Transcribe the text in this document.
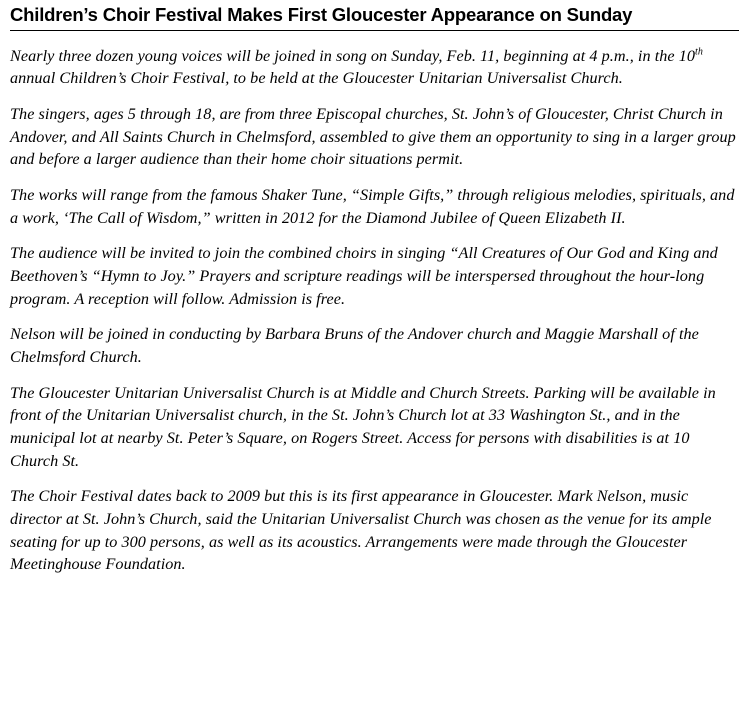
Children’s Choir Festival Makes First Gloucester Appearance on Sunday

Nearly three dozen young voices will be joined in song on Sunday, Feb. 11, beginning at 4 p.m., in the 10th annual Children’s Choir Festival, to be held at the Gloucester Unitarian Universalist Church.

The singers, ages 5 through 18, are from three Episcopal churches, St. John’s of Gloucester, Christ Church in Andover, and All Saints Church in Chelmsford, assembled to give them an opportunity to sing in a larger group and before a larger audience than their home choir situations permit.

The works will range from the famous Shaker Tune, “Simple Gifts,” through religious melodies, spirituals, and a work, ‘The Call of Wisdom,” written in 2012 for the Diamond Jubilee of Queen Elizabeth II.

The audience will be invited to join the combined choirs in singing “All Creatures of Our God and King and Beethoven’s “Hymn to Joy.” Prayers and scripture readings will be interspersed throughout the hour-long program. A reception will follow. Admission is free.

Nelson will be joined in conducting by Barbara Bruns of the Andover church and Maggie Marshall of the Chelmsford Church.

The Gloucester Unitarian Universalist Church is at Middle and Church Streets. Parking will be available in front of the Unitarian Universalist church, in the St. John’s Church lot at 33 Washington St., and in the municipal lot at nearby St. Peter’s Square, on Rogers Street. Access for persons with disabilities is at 10 Church St.

The Choir Festival dates back to 2009 but this is its first appearance in Gloucester. Mark Nelson, music director at St. John’s Church, said the Unitarian Universalist Church was chosen as the venue for its ample seating for up to 300 persons, as well as its acoustics. Arrangements were made through the Gloucester Meetinghouse Foundation.
